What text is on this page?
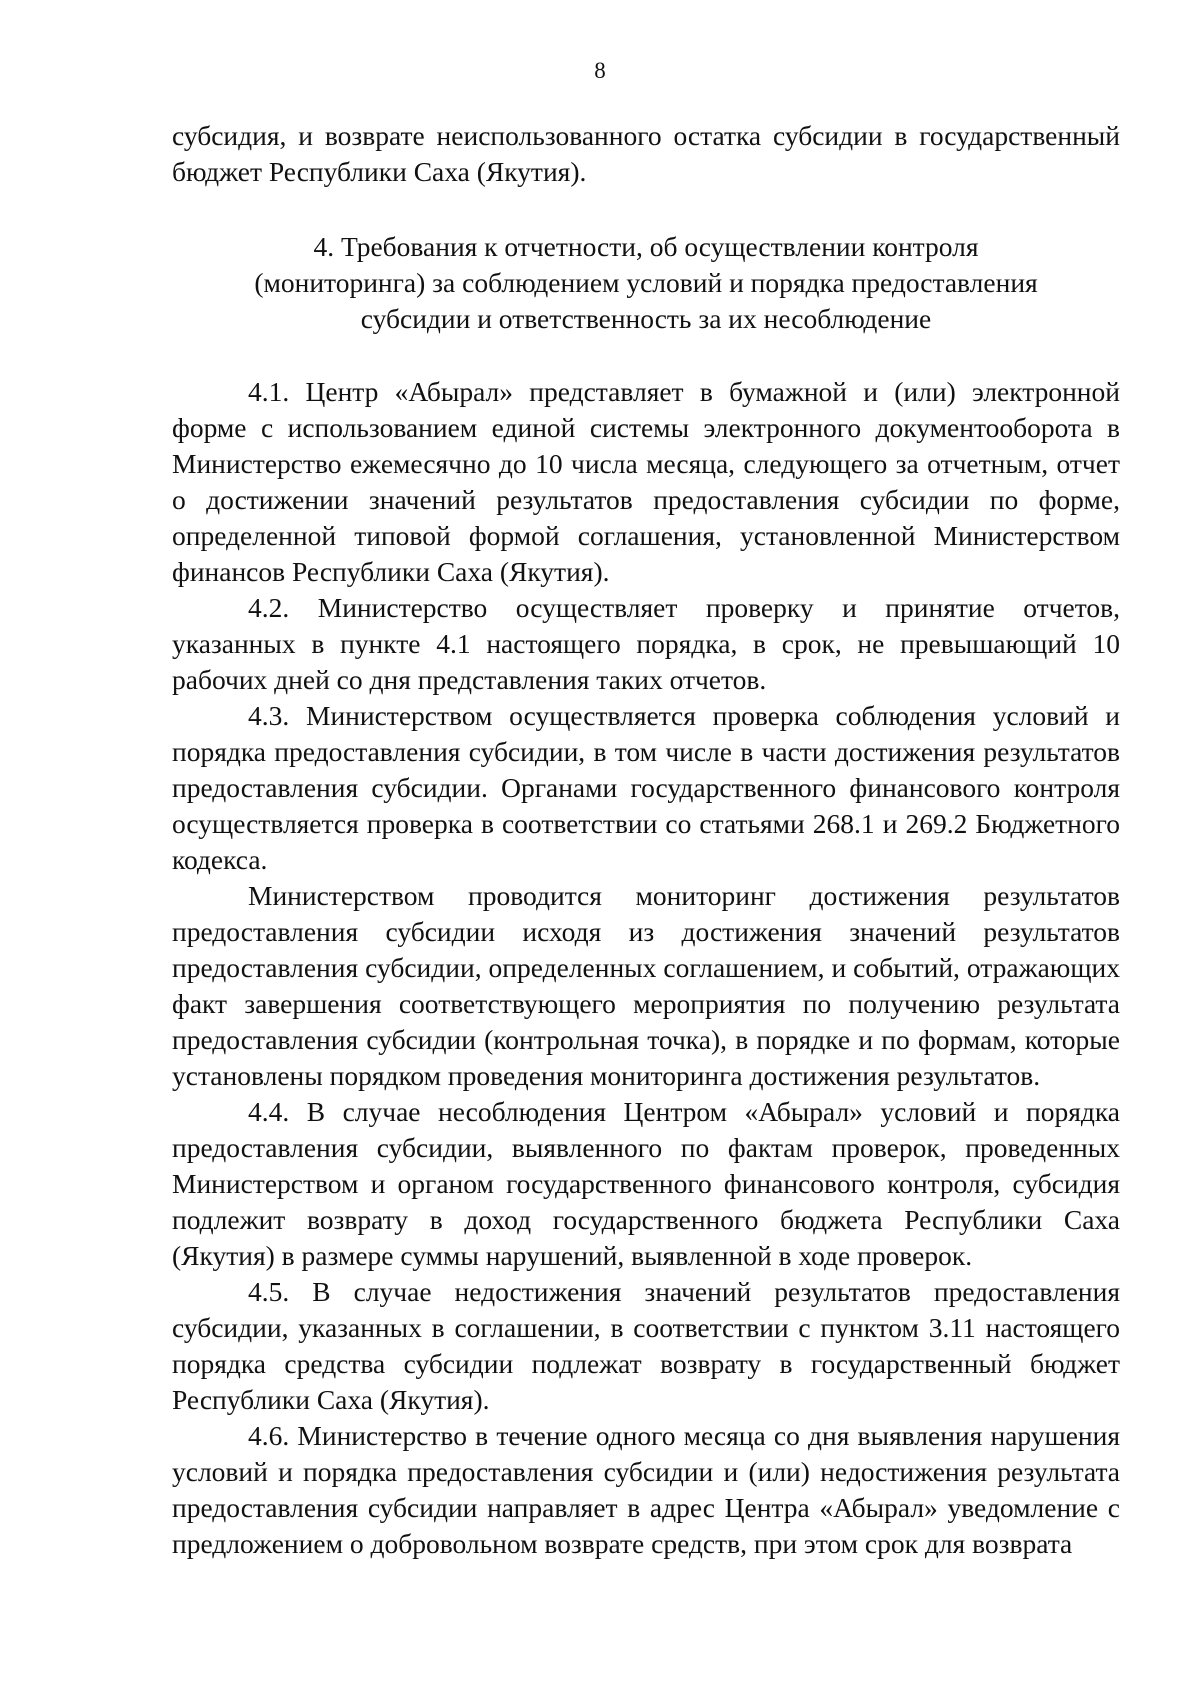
8

субсидия, и возврате неиспользованного остатка субсидии в государственный бюджет Республики Саха (Якутия).

4. Требования к отчетности, об осуществлении контроля
(мониторинга) за соблюдением условий и порядка предоставления
субсидии и ответственность за их несоблюдение

4.1. Центр «Абырал» представляет в бумажной и (или) электронной форме с использованием единой системы электронного документооборота в Министерство ежемесячно до 10 числа месяца, следующего за отчетным, отчет о достижении значений результатов предоставления субсидии по форме, определенной типовой формой соглашения, установленной Министерством финансов Республики Саха (Якутия).

4.2. Министерство осуществляет проверку и принятие отчетов, указанных в пункте 4.1 настоящего порядка, в срок, не превышающий 10 рабочих дней со дня представления таких отчетов.

4.3. Министерством осуществляется проверка соблюдения условий и порядка предоставления субсидии, в том числе в части достижения результатов предоставления субсидии. Органами государственного финансового контроля осуществляется проверка в соответствии со статьями 268.1 и 269.2 Бюджетного кодекса.

Министерством проводится мониторинг достижения результатов предоставления субсидии исходя из достижения значений результатов предоставления субсидии, определенных соглашением, и событий, отражающих факт завершения соответствующего мероприятия по получению результата предоставления субсидии (контрольная точка), в порядке и по формам, которые установлены порядком проведения мониторинга достижения результатов.

4.4. В случае несоблюдения Центром «Абырал» условий и порядка предоставления субсидии, выявленного по фактам проверок, проведенных Министерством и органом государственного финансового контроля, субсидия подлежит возврату в доход государственного бюджета Республики Саха (Якутия) в размере суммы нарушений, выявленной в ходе проверок.

4.5. В случае недостижения значений результатов предоставления субсидии, указанных в соглашении, в соответствии с пунктом 3.11 настоящего порядка средства субсидии подлежат возврату в государственный бюджет Республики Саха (Якутия).

4.6. Министерство в течение одного месяца со дня выявления нарушения условий и порядка предоставления субсидии и (или) недостижения результата предоставления субсидии направляет в адрес Центра «Абырал» уведомление с предложением о добровольном возврате средств, при этом срок для возврата
